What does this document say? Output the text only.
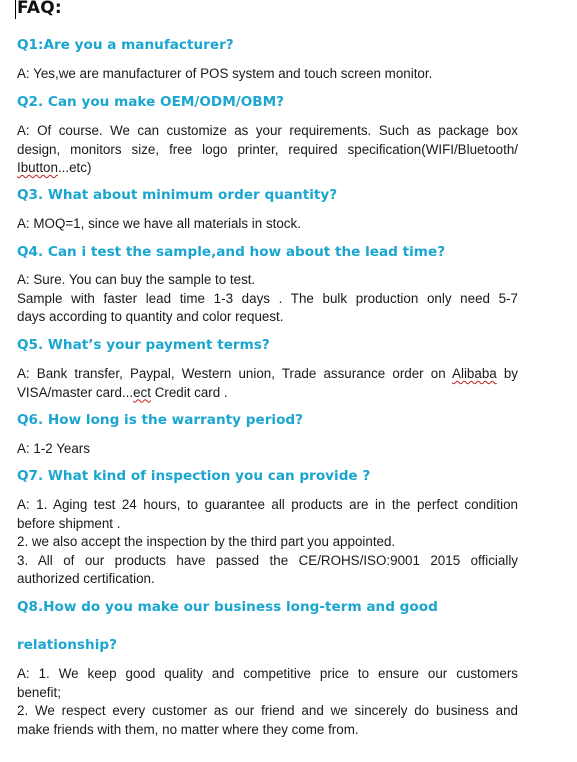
FAQ:
Q1:Are you a manufacturer?
A: Yes,we are manufacturer of POS system and touch screen monitor.
Q2. Can you make OEM/ODM/OBM?
A: Of course. We can customize as your requirements. Such as package box
design, monitors size, free logo printer, required specification(WIFI/Bluetooth/
Ibutton...etc)
Q3. What about minimum order quantity?
A: MOQ=1, since we have all materials in stock.
Q4. Can i test the sample,and how about the lead time?
A: Sure. You can buy the sample to test.
Sample with faster lead time 1-3 days . The bulk production only need 5-7
days according to quantity and color request.
Q5. What’s your payment terms?
A: Bank transfer, Paypal, Western union, Trade assurance order on Alibaba by
VISA/master card...ect Credit card .
Q6. How long is the warranty period?
A: 1-2 Years
Q7. What kind of inspection you can provide ?
A: 1. Aging test 24 hours, to guarantee all products are in the perfect condition
before shipment .
2. we also accept the inspection by the third part you appointed.
3. All of our products have passed the CE/ROHS/ISO:9001 2015 officially
authorized certification.
Q8.How do you make our business long-term and good
relationship?
A: 1. We keep good quality and competitive price to ensure our customers
benefit;
2. We respect every customer as our friend and we sincerely do business and
make friends with them, no matter where they come from.
